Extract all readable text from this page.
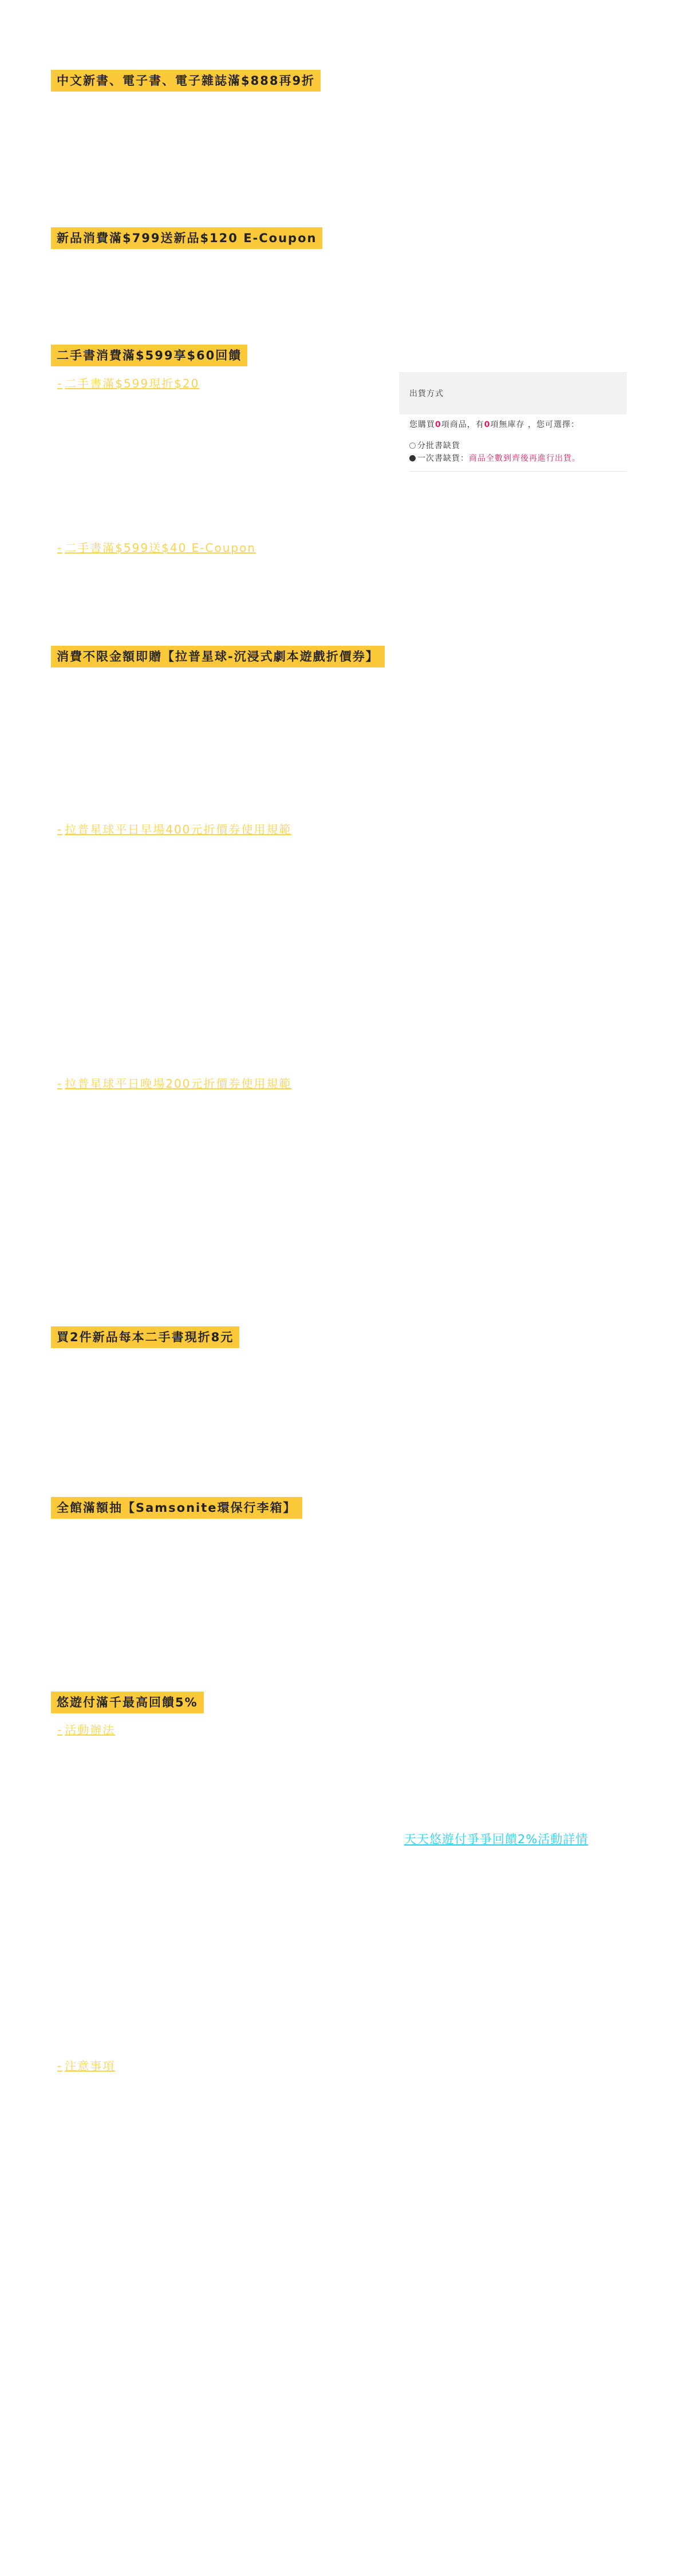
中文新書、電子書、電子雜誌滿$888再9折
新品消費滿$799送新品$120 E-Coupon
二手書消費滿$599享$60回饋
- 二手書滿$599現折$20
- 二手書滿$599送$40 E-Coupon
出貨方式
您購買0項商品，有0項無庫存 ，您可選擇：
分批書缺貨
一次書缺貨：商品全數到齊後再進行出貨。
消費不限金額即贈【拉普星球-沉浸式劇本遊戲折價券】
- 拉普星球平日早場400元折價券使用規範
- 拉普星球平日晚場200元折價券使用規範
買2件新品每本二手書現折8元
全館滿額抽【Samsonite環保行李箱】
悠遊付滿千最高回饋5%
- 活動辦法
天天悠遊付爭爭回饋2%活動詳情
- 注意事項
